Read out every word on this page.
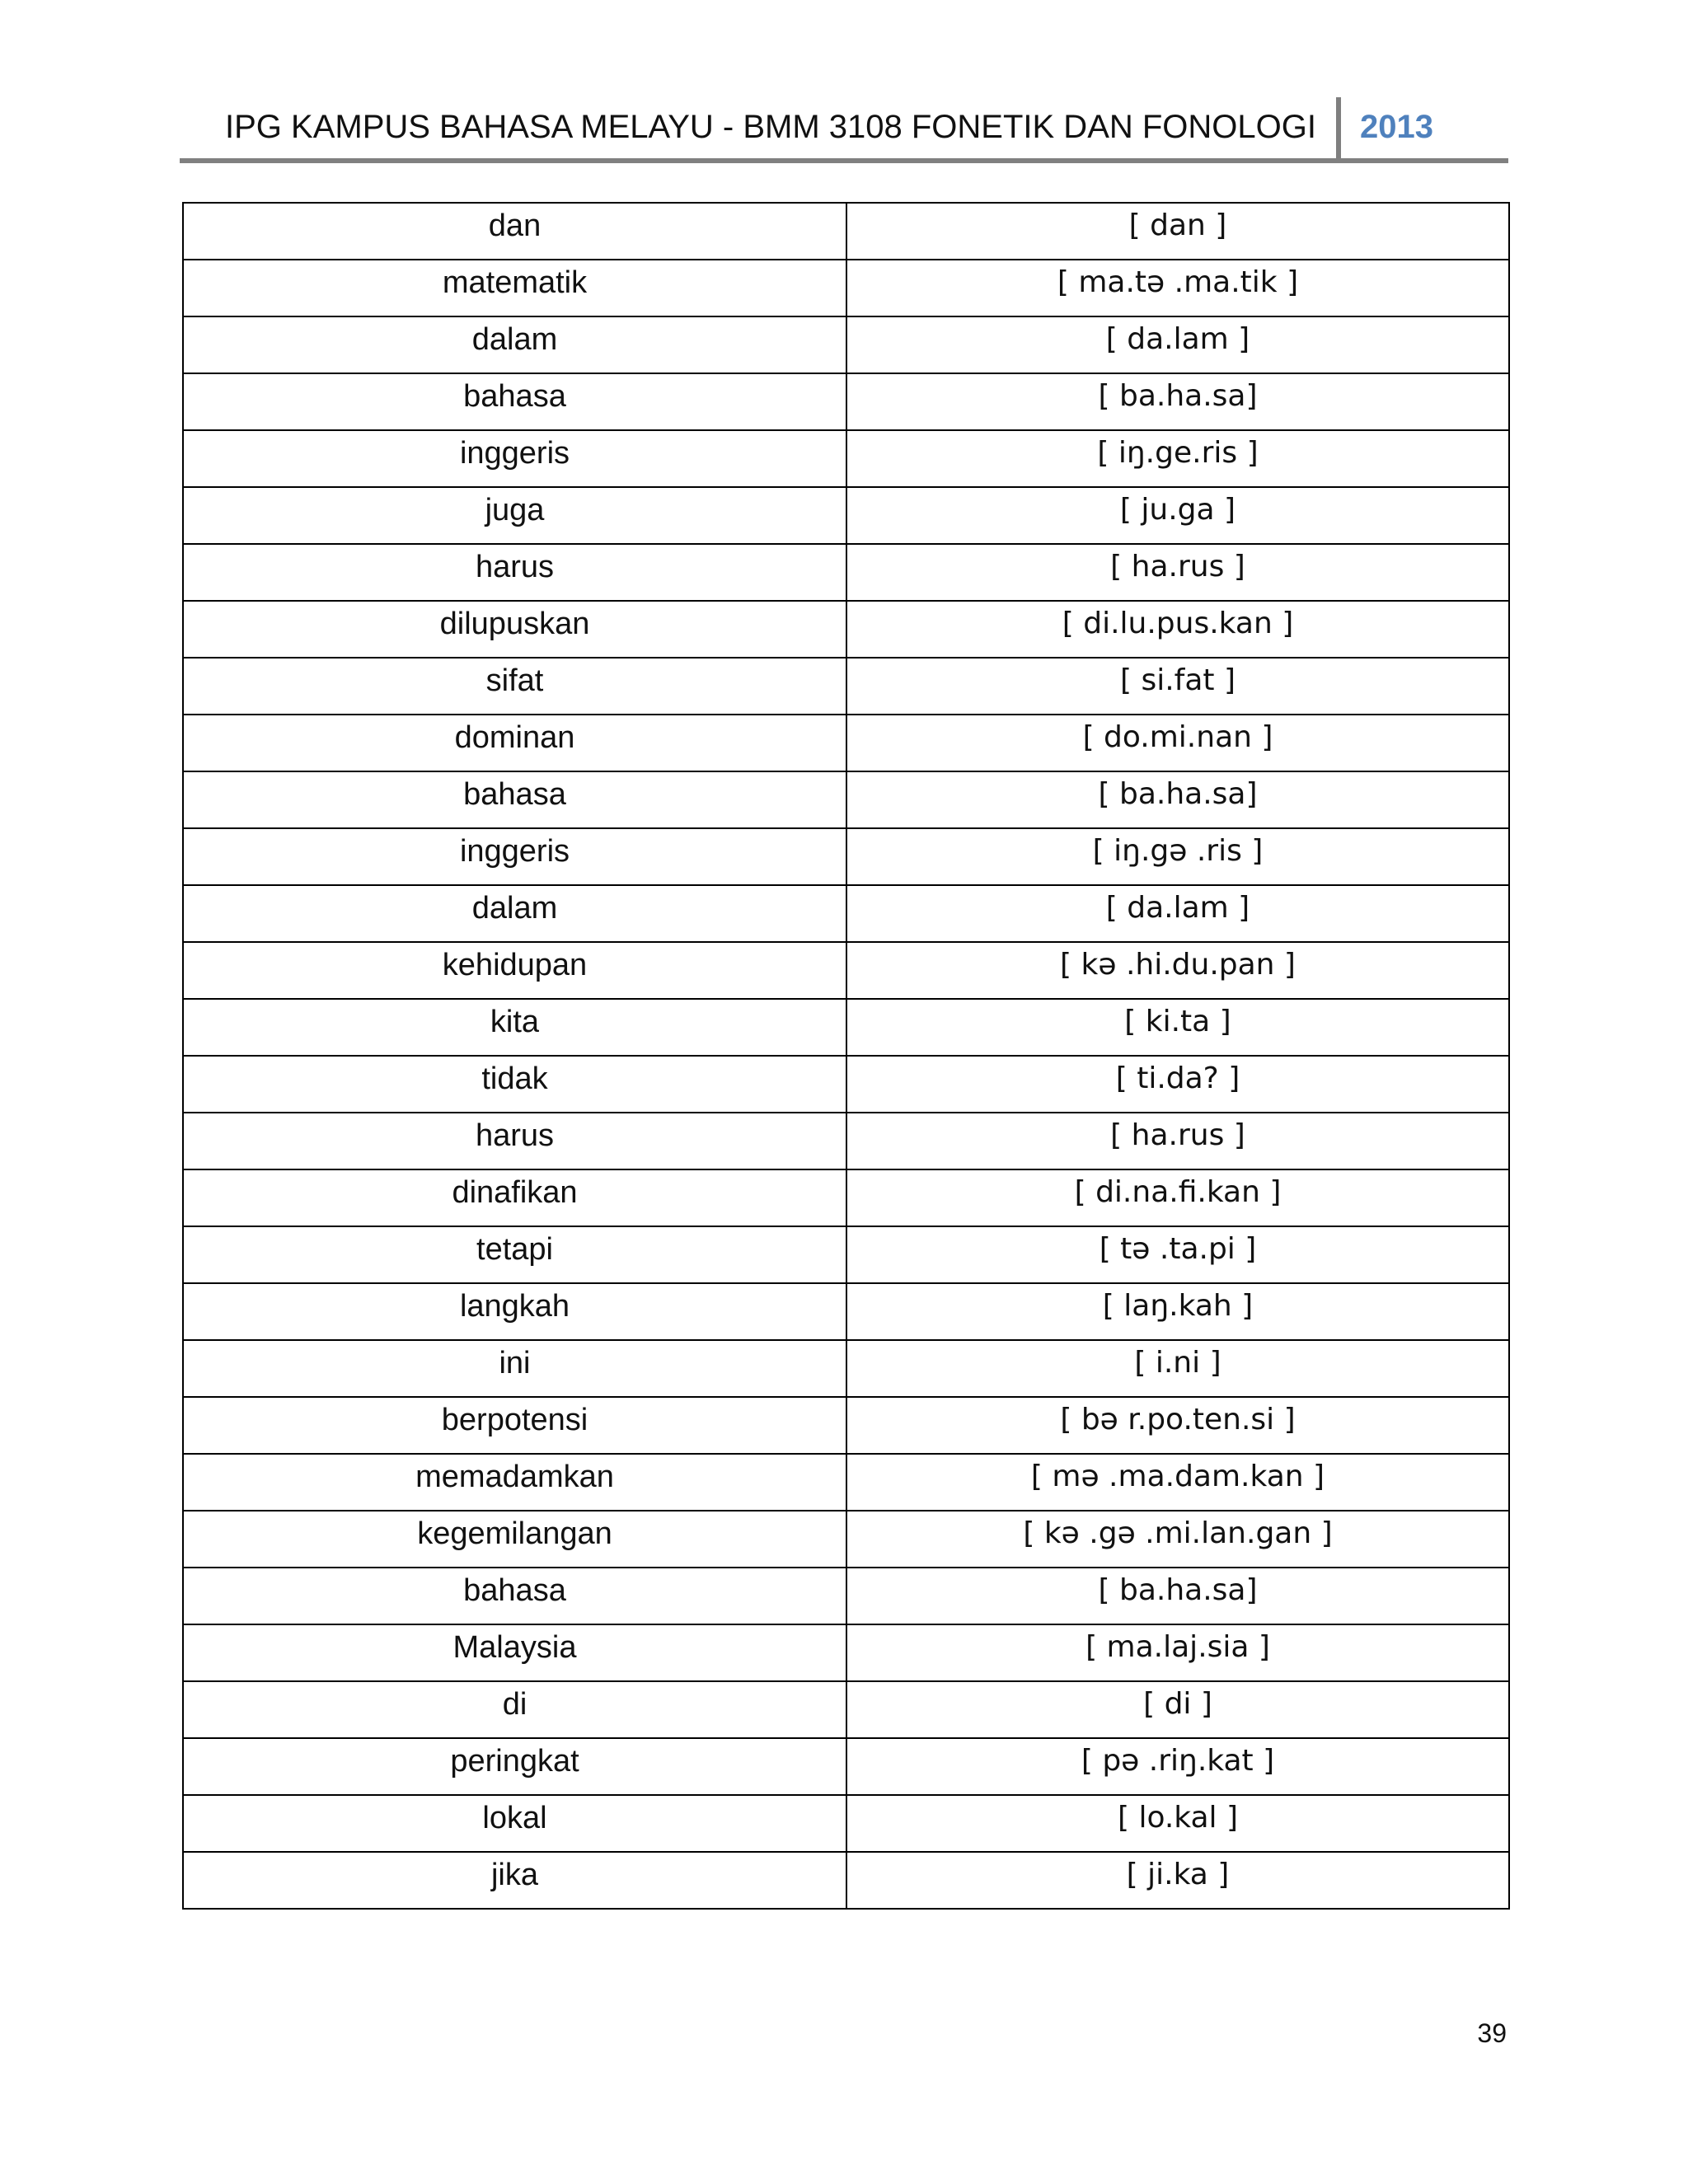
IPG KAMPUS BAHASA MELAYU - BMM 3108 FONETIK DAN FONOLOGI 2013
dan	[ dan ]
matematik	[ ma.tə .ma.tik ]
dalam	[ da.lam ]
bahasa	[ ba.ha.sa]
inggeris	[ iŋ.ge.ris ]
juga	[ ju.ga ]
harus	[ ha.rus ]
dilupuskan	[ di.lu.pus.kan ]
sifat	[ si.fat ]
dominan	[ do.mi.nan ]
bahasa	[ ba.ha.sa]
inggeris	[ iŋ.gə .ris ]
dalam	[ da.lam ]
kehidupan	[ kə .hi.du.pan ]
kita	[ ki.ta ]
tidak	[ ti.da? ]
harus	[ ha.rus ]
dinafikan	[ di.na.fi.kan ]
tetapi	[ tə .ta.pi ]
langkah	[ laŋ.kah ]
ini	[ i.ni ]
berpotensi	[ bə r.po.ten.si ]
memadamkan	[ mə .ma.dam.kan ]
kegemilangan	[ kə .gə .mi.lan.gan ]
bahasa	[ ba.ha.sa]
Malaysia	[ ma.laj.sia ]
di	[ di ]
peringkat	[ pə .riŋ.kat ]
lokal	[ lo.kal ]
jika	[ ji.ka ]
39
